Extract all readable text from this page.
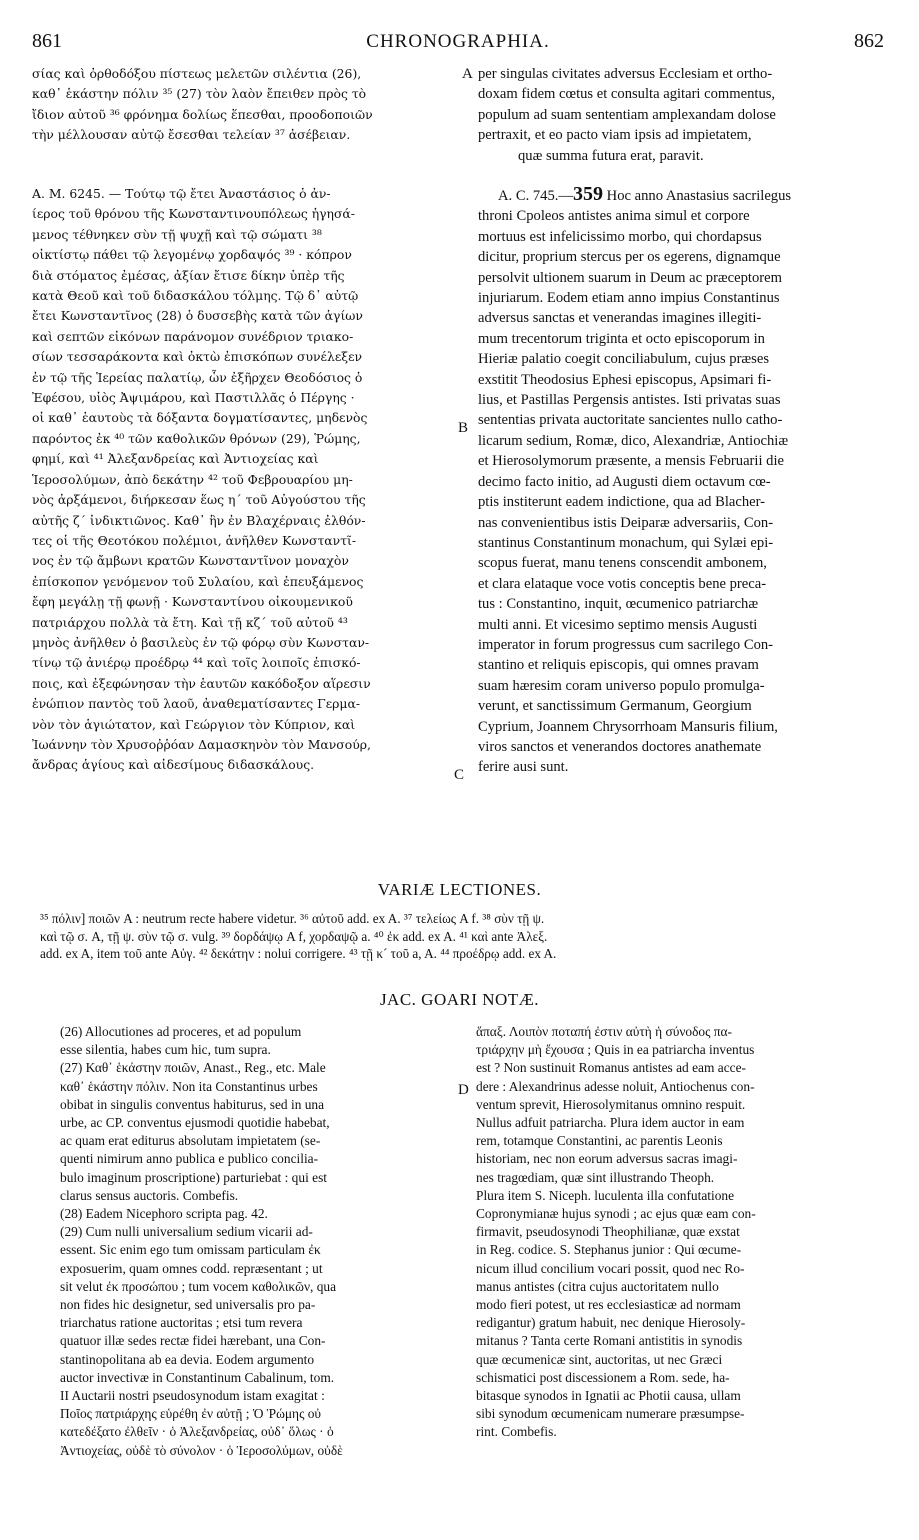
861	CHRONOGRAPHIA.	862
σίας καὶ ὀρθοδόξου πίστεως μελετῶν σιλέντια (26),
καθ᾽ ἑκάστην πόλιν ³⁵ (27) τὸν λαὸν ἔπειθεν πρὸς τὸ
ἴδιον αὐτοῦ ³⁶ φρόνημα δολίως ἕπεσθαι, προοδοποιῶν
τὴν μέλλουσαν αὐτῷ ἔσεσθαι τελείαν ³⁷ ἀσέβειαν.
per singulas civitates adversus Ecclesiam et ortho-
doxam fidem cœtus et consulta agitari commentus,
populum ad suam sententiam amplexandam dolose
pertraxit, et eo pacto viam ipsis ad impietatem,
quæ summa futura erat, paravit.
A
B
C
D
A. M. 6245. — Τούτῳ τῷ ἔτει Ἀναστάσιος ὁ ἀν-
ίερος τοῦ θρόνου τῆς Κωνσταντινουπόλεως ἡγησά-
μενος τέθνηκεν σὺν τῇ ψυχῇ καὶ τῷ σώματι ³⁸
οἰκτίστῳ πάθει τῷ λεγομένῳ χορδαψός ³⁹ · κόπρον
διὰ στόματος ἐμέσας, ἀξίαν ἔτισε δίκην ὑπὲρ τῆς
κατὰ Θεοῦ καὶ τοῦ διδασκάλου τόλμης. Τῷ δ᾽ αὐτῷ
ἔτει Κωνσταντῖνος (28) ὁ δυσσεβὴς κατὰ τῶν ἁγίων
καὶ σεπτῶν εἰκόνων παράνομον συνέδριον τριακο-
σίων τεσσαράκοντα καὶ ὀκτὼ ἐπισκόπων συνέλεξεν
ἐν τῷ τῆς Ἱερείας παλατίῳ, ὧν ἐξῆρχεν Θεοδόσιος ὁ
Ἐφέσου, υἱὸς Ἀψιμάρου, καὶ Παστιλλᾶς ὁ Πέργης ·
οἱ καθ᾽ ἑαυτοὺς τὰ δόξαντα δογματίσαντες, μηδενὸς
παρόντος ἐκ ⁴⁰ τῶν καθολικῶν θρόνων (29), Ῥώμης,
φημί, καὶ ⁴¹ Ἀλεξανδρείας καὶ Ἀντιοχείας καὶ
Ἱεροσολύμων, ἀπὸ δεκάτην ⁴² τοῦ Φεβρουαρίου μη-
νὸς ἀρξάμενοι, διήρκεσαν ἕως η´ τοῦ Αὐγούστου τῆς
αὐτῆς ζ´ ἰνδικτιῶνος. Καθ᾽ ἣν ἐν Βλαχέρναις ἐλθόν-
τες οἱ τῆς Θεοτόκου πολέμιοι, ἀνῆλθεν Κωνσταντῖ-
νος ἐν τῷ ἄμβωνι κρατῶν Κωνσταντῖνον μοναχὸν
ἐπίσκοπον γενόμενον τοῦ Συλαίου, καὶ ἐπευξάμενος
ἔφη μεγάλῃ τῇ φωνῇ · Κωνσταντίνου οἰκουμενικοῦ
πατριάρχου πολλὰ τὰ ἔτη. Καὶ τῇ κζ´ τοῦ αὐτοῦ ⁴³
μηνὸς ἀνῆλθεν ὁ βασιλεὺς ἐν τῷ φόρῳ σὺν Κωνσταν-
τίνῳ τῷ ἀνιέρῳ προέδρῳ ⁴⁴ καὶ τοῖς λοιποῖς ἐπισκό-
ποις, καὶ ἐξεφώνησαν τὴν ἑαυτῶν κακόδοξον αἵρεσιν
ἐνώπιον παντὸς τοῦ λαοῦ, ἀναθεματίσαντες Γερμα-
νὸν τὸν ἁγιώτατον, καὶ Γεώργιον τὸν Κύπριον, καὶ
Ἰωάννην τὸν Χρυσοῤῥόαν Δαμασκηνὸν τὸν Μανσούρ,
ἄνδρας ἁγίους καὶ αἰδεσίμους διδασκάλους.
A. C. 745.—359 Hoc anno Anastasius sacrilegus
throni Cpoleos antistes anima simul et corpore
mortuus est infelicissimo morbo, qui chordapsus
dicitur, proprium stercus per os egerens, dignamque
persolvit ultionem suarum in Deum ac præceptorem
injuriarum. Eodem etiam anno impius Constantinus
adversus sanctas et venerandas imagines illegiti-
mum trecentorum triginta et octo episcoporum in
Hieriæ palatio coegit conciliabulum, cujus præses
exstitit Theodosius Ephesi episcopus, Apsimari fi-
lius, et Pastillas Pergensis antistes. Isti privatas suas
sententias privata auctoritate sancientes nullo catho-
licarum sedium, Romæ, dico, Alexandriæ, Antiochiæ
et Hierosolymorum præsente, a mensis Februarii die
decimo facto initio, ad Augusti diem octavum cœ-
ptis institerunt eadem indictione, qua ad Blacher-
nas convenientibus istis Deiparæ adversariis, Con-
stantinus Constantinum monachum, qui Sylæi epi-
scopus fuerat, manu tenens conscendit ambonem,
et clara elataque voce votis conceptis bene preca-
tus : Constantino, inquit, œcumenico patriarchæ
multi anni. Et vicesimo septimo mensis Augusti
imperator in forum progressus cum sacrilego Con-
stantino et reliquis episcopis, qui omnes pravam
suam hæresim coram universo populo promulga-
verunt, et sanctissimum Germanum, Georgium
Cyprium, Joannem Chrysorrhoam Mansuris filium,
viros sanctos et venerandos doctores anathemate
ferire ausi sunt.
VARIÆ LECTIONES.
³⁵ πόλιν] ποιῶν A : neutrum recte habere videtur. ³⁶ αὐτοῦ add. ex A. ³⁷ τελείως A f. ³⁸ σὺν τῇ ψ.
καὶ τῷ σ. A, τῇ ψ. σὺν τῷ σ. vulg. ³⁹ δορδάψῳ A f, χορδαψῷ a. ⁴⁰ ἐκ add. ex A. ⁴¹ καὶ ante Ἀλεξ.
add. ex A, item τοῦ ante Αὐγ. ⁴² δεκάτην : nolui corrigere. ⁴³ τῇ κ´ τοῦ a, A. ⁴⁴ προέδρῳ add. ex A.
JAC. GOARI NOTÆ.
(26) Allocutiones ad proceres, et ad populum
esse silentia, habes cum hic, tum supra.
(27) Καθ᾽ ἑκάστην ποιῶν, Anast., Reg., etc. Male
καθ᾽ ἑκάστην πόλιν. Non ita Constantinus urbes
obibat in singulis conventus habiturus, sed in una
urbe, ac CP. conventus ejusmodi quotidie habebat,
ac quam erat editurus absolutam impietatem (se-
quenti nimirum anno publica e publico concilia-
bulo imaginum proscriptione) parturiebat : qui est
clarus sensus auctoris. Combefis.
(28) Eadem Nicephoro scripta pag. 42.
(29) Cum nulli universalium sedium vicarii ad-
essent. Sic enim ego tum omissam particulam ἐκ
exposuerim, quam omnes codd. repræsentant ; ut
sit velut ἐκ προσώπου ; tum vocem καθολικῶν, qua
non fides hic designetur, sed universalis pro pa-
triarchatus ratione auctoritas ; etsi tum revera
quatuor illæ sedes rectæ fidei hærebant, una Con-
stantinopolitana ab ea devia. Eodem argumento
auctor invectivæ in Constantinum Cabalinum, tom.
II Auctarii nostri pseudosynodum istam exagitat :
Ποῖος πατριάρχης εὑρέθη ἐν αὐτῇ ; Ὁ Ῥώμης οὐ
κατεδέξατο ἐλθεῖν · ὁ Ἀλεξανδρείας, οὐδ᾽ ὅλως · ὁ
Ἀντιοχείας, οὐδὲ τὸ σύνολον · ὁ Ἱεροσολύμων, οὐδὲ
ἅπαξ. Λοιπὸν ποταπή ἐστιν αὐτὴ ἡ σύνοδος πα-
τριάρχην μὴ ἔχουσα ; Quis in ea patriarcha inventus
est ? Non sustinuit Romanus antistes ad eam acce-
dere : Alexandrinus adesse noluit, Antiochenus con-
ventum sprevit, Hierosolymitanus omnino respuit.
Nullus adfuit patriarcha. Plura idem auctor in eam
rem, totamque Constantini, ac parentis Leonis
historiam, nec non eorum adversus sacras imagi-
nes tragœdiam, quæ sint illustrando Theoph.
Plura item S. Niceph. luculenta illa confutatione
Copronymianæ hujus synodi ; ac ejus quæ eam con-
firmavit, pseudosynodi Theophilianæ, quæ exstat
in Reg. codice. S. Stephanus junior : Qui œcume-
nicum illud concilium vocari possit, quod nec Ro-
manus antistes (citra cujus auctoritatem nullo
modo fieri potest, ut res ecclesiasticæ ad normam
redigantur) gratum habuit, nec denique Hierosoly-
mitanus ? Tanta certe Romani antistitis in synodis
quæ œcumenicæ sint, auctoritas, ut nec Græci
schismatici post discessionem a Rom. sede, ha-
bitasque synodos in Ignatii ac Photii causa, ullam
sibi synodum œcumenicam numerare præsumpse-
rint. Combefis.
